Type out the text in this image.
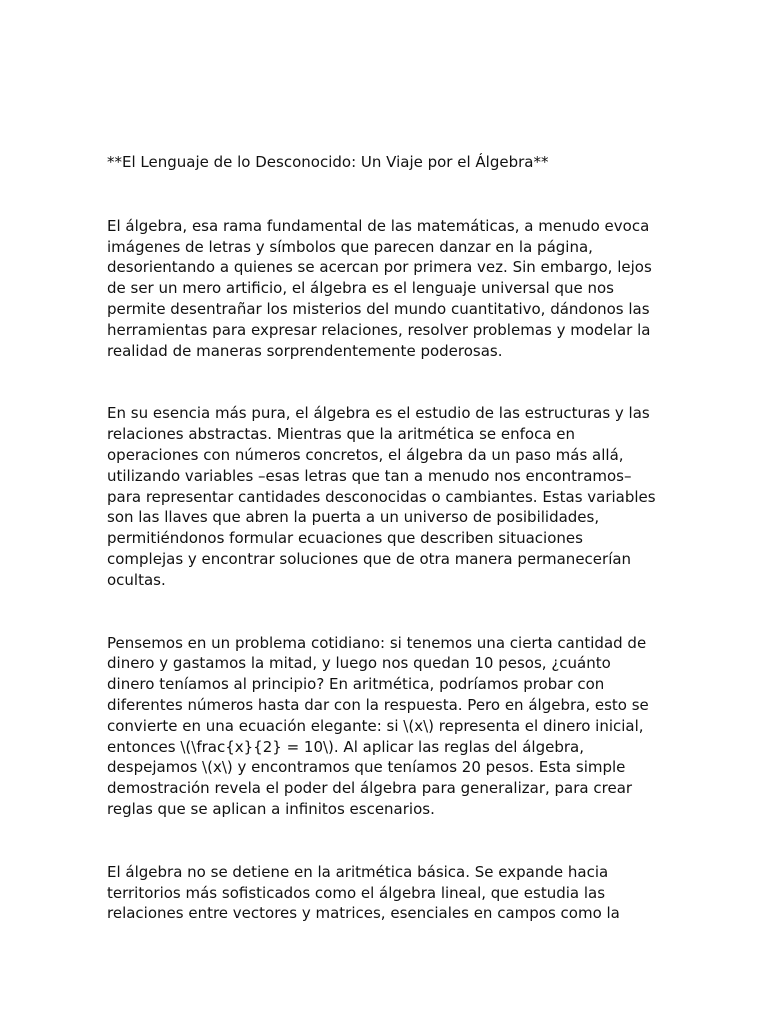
**El Lenguaje de lo Desconocido: Un Viaje por el Álgebra**

El álgebra, esa rama fundamental de las matemáticas, a menudo evoca
imágenes de letras y símbolos que parecen danzar en la página,
desorientando a quienes se acercan por primera vez. Sin embargo, lejos
de ser un mero artificio, el álgebra es el lenguaje universal que nos
permite desentrañar los misterios del mundo cuantitativo, dándonos las
herramientas para expresar relaciones, resolver problemas y modelar la
realidad de maneras sorprendentemente poderosas.

En su esencia más pura, el álgebra es el estudio de las estructuras y las
relaciones abstractas. Mientras que la aritmética se enfoca en
operaciones con números concretos, el álgebra da un paso más allá,
utilizando variables –esas letras que tan a menudo nos encontramos–
para representar cantidades desconocidas o cambiantes. Estas variables
son las llaves que abren la puerta a un universo de posibilidades,
permitiéndonos formular ecuaciones que describen situaciones
complejas y encontrar soluciones que de otra manera permanecerían
ocultas.

Pensemos en un problema cotidiano: si tenemos una cierta cantidad de
dinero y gastamos la mitad, y luego nos quedan 10 pesos, ¿cuánto
dinero teníamos al principio? En aritmética, podríamos probar con
diferentes números hasta dar con la respuesta. Pero en álgebra, esto se
convierte en una ecuación elegante: si \(x\) representa el dinero inicial,
entonces \(\frac{x}{2} = 10\). Al aplicar las reglas del álgebra,
despejamos \(x\) y encontramos que teníamos 20 pesos. Esta simple
demostración revela el poder del álgebra para generalizar, para crear
reglas que se aplican a infinitos escenarios.

El álgebra no se detiene en la aritmética básica. Se expande hacia
territorios más sofisticados como el álgebra lineal, que estudia las
relaciones entre vectores y matrices, esenciales en campos como la
